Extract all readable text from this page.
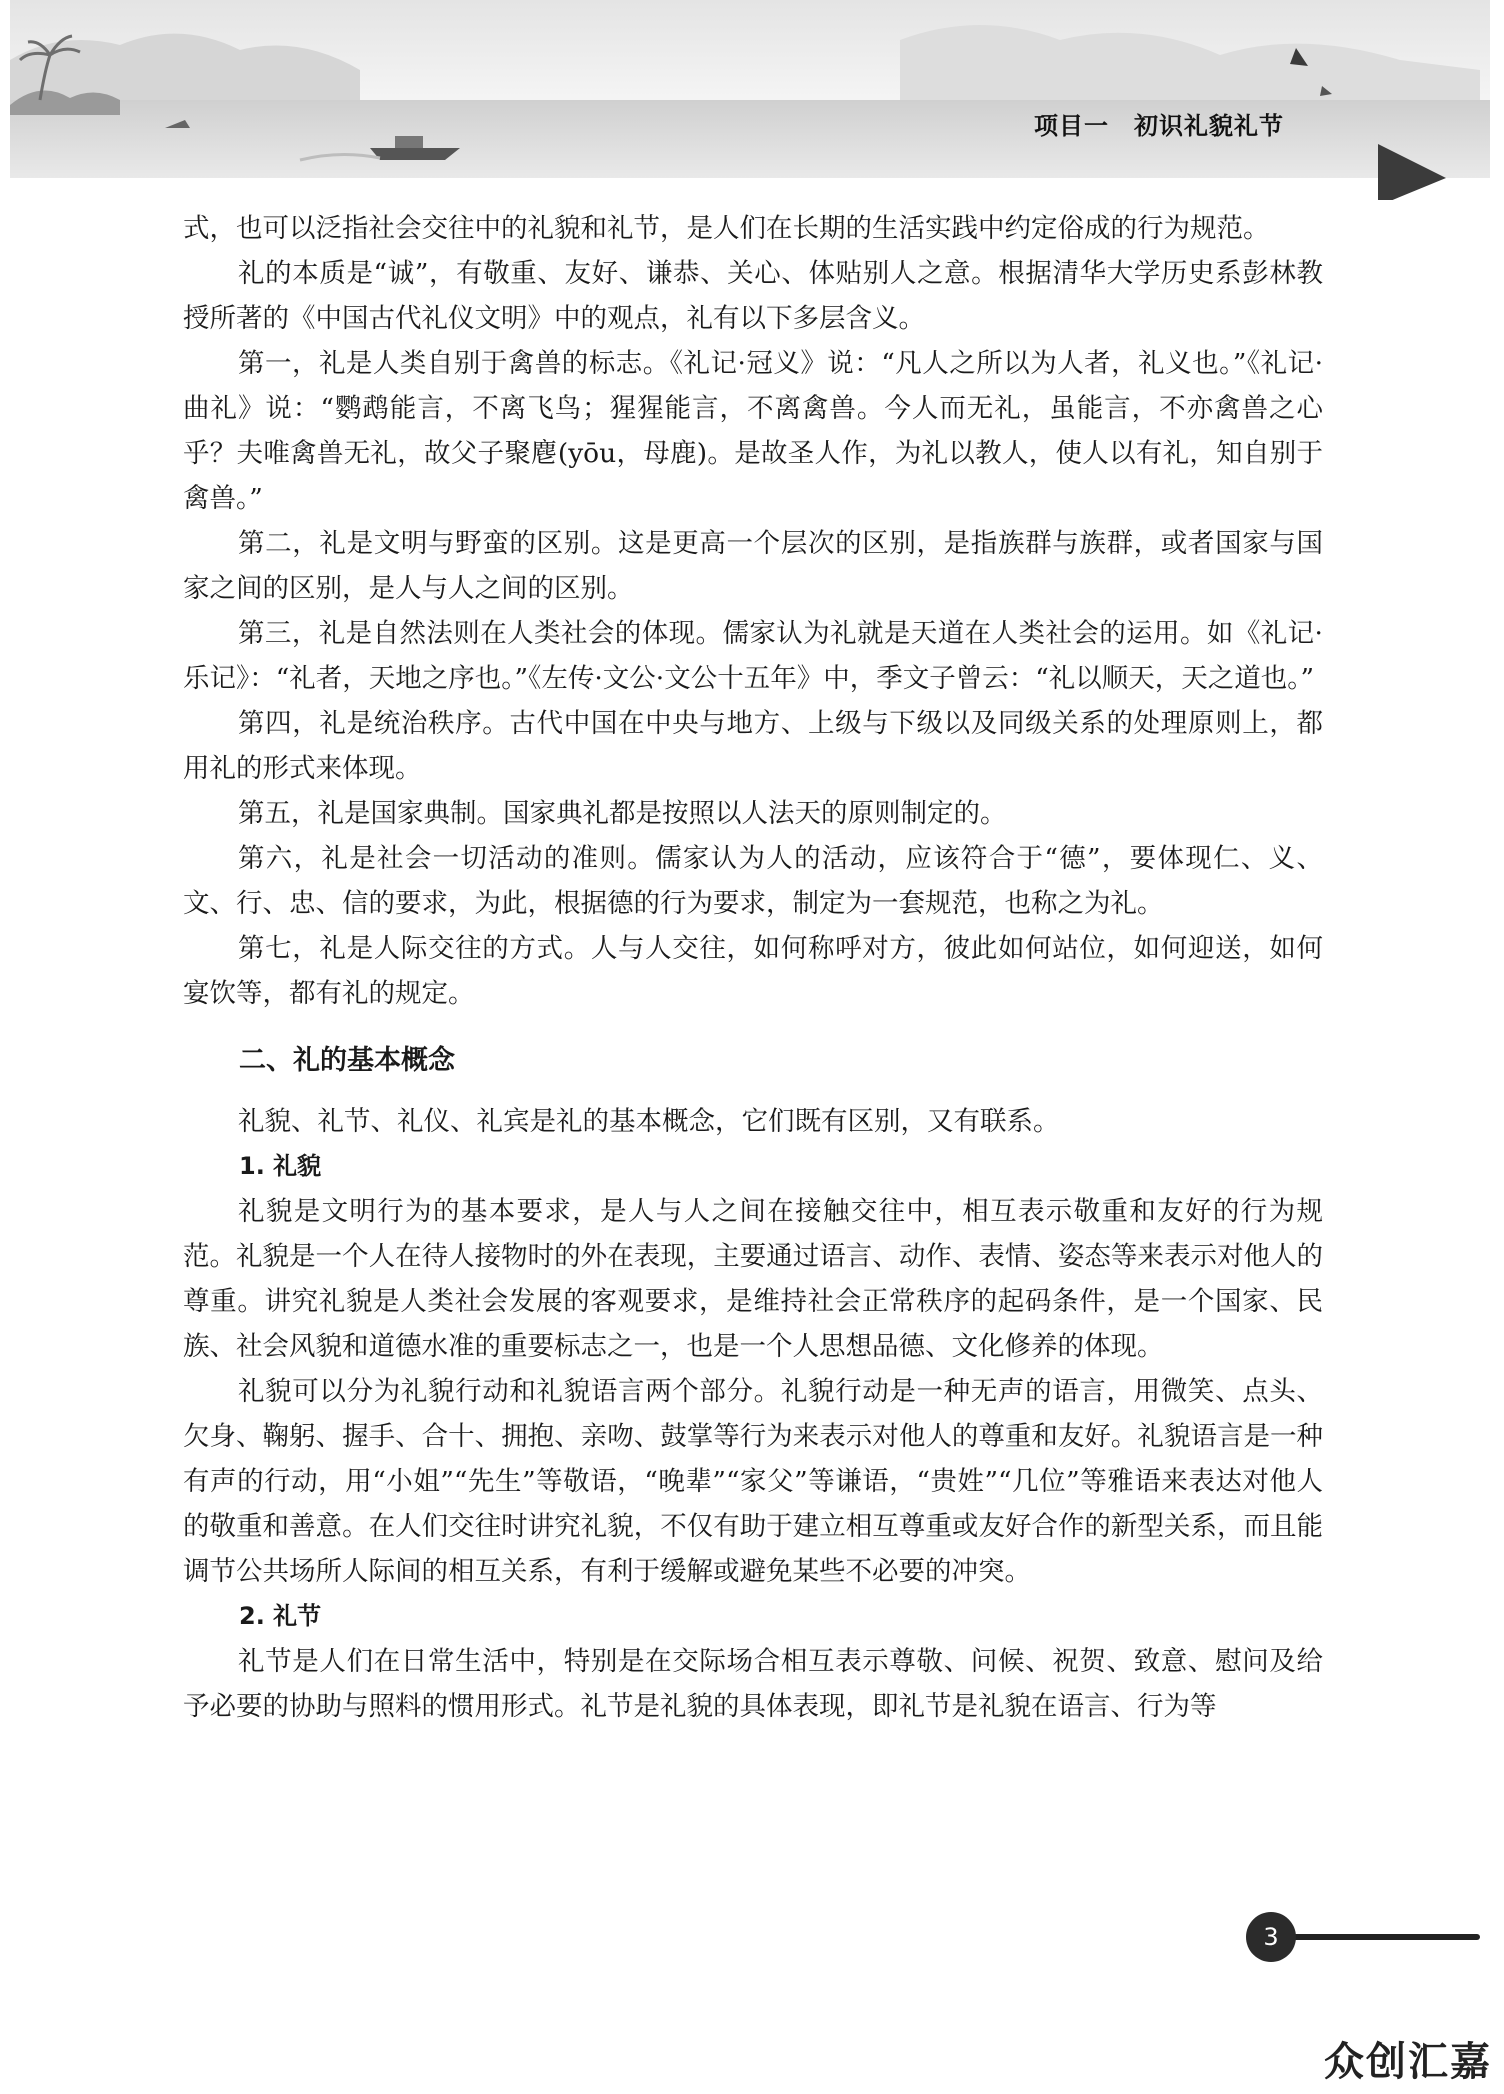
项目一　初识礼貌礼节

式，也可以泛指社会交往中的礼貌和礼节，是人们在长期的生活实践中约定俗成的行为规范。

礼的本质是“诚”，有敬重、友好、谦恭、关心、体贴别人之意。根据清华大学历史系彭林教授所著的《中国古代礼仪文明》中的观点，礼有以下多层含义。

第一，礼是人类自别于禽兽的标志。《礼记·冠义》说：“凡人之所以为人者，礼义也。”《礼记·曲礼》说：“鹦鹉能言，不离飞鸟；猩猩能言，不离禽兽。今人而无礼，虽能言，不亦禽兽之心乎？夫唯禽兽无礼，故父子聚麀(yōu，母鹿)。是故圣人作，为礼以教人，使人以有礼，知自别于禽兽。”

第二，礼是文明与野蛮的区别。这是更高一个层次的区别，是指族群与族群，或者国家与国家之间的区别，是人与人之间的区别。

第三，礼是自然法则在人类社会的体现。儒家认为礼就是天道在人类社会的运用。如《礼记·乐记》：“礼者，天地之序也。”《左传·文公·文公十五年》中，季文子曾云：“礼以顺天，天之道也。”

第四，礼是统治秩序。古代中国在中央与地方、上级与下级以及同级关系的处理原则上，都用礼的形式来体现。

第五，礼是国家典制。国家典礼都是按照以人法天的原则制定的。

第六，礼是社会一切活动的准则。儒家认为人的活动，应该符合于“德”，要体现仁、义、文、行、忠、信的要求，为此，根据德的行为要求，制定为一套规范，也称之为礼。

第七，礼是人际交往的方式。人与人交往，如何称呼对方，彼此如何站位，如何迎送，如何宴饮等，都有礼的规定。

二、礼的基本概念

礼貌、礼节、礼仪、礼宾是礼的基本概念，它们既有区别，又有联系。

1. 礼貌

礼貌是文明行为的基本要求，是人与人之间在接触交往中，相互表示敬重和友好的行为规范。礼貌是一个人在待人接物时的外在表现，主要通过语言、动作、表情、姿态等来表示对他人的尊重。讲究礼貌是人类社会发展的客观要求，是维持社会正常秩序的起码条件，是一个国家、民族、社会风貌和道德水准的重要标志之一，也是一个人思想品德、文化修养的体现。

礼貌可以分为礼貌行动和礼貌语言两个部分。礼貌行动是一种无声的语言，用微笑、点头、欠身、鞠躬、握手、合十、拥抱、亲吻、鼓掌等行为来表示对他人的尊重和友好。礼貌语言是一种有声的行动，用“小姐”“先生”等敬语，“晚辈”“家父”等谦语，“贵姓”“几位”等雅语来表达对他人的敬重和善意。在人们交往时讲究礼貌，不仅有助于建立相互尊重或友好合作的新型关系，而且能调节公共场所人际间的相互关系，有利于缓解或避免某些不必要的冲突。

2. 礼节

礼节是人们在日常生活中，特别是在交际场合相互表示尊敬、问候、祝贺、致意、慰问及给予必要的协助与照料的惯用形式。礼节是礼貌的具体表现，即礼节是礼貌在语言、行为等

3
众创汇嘉
